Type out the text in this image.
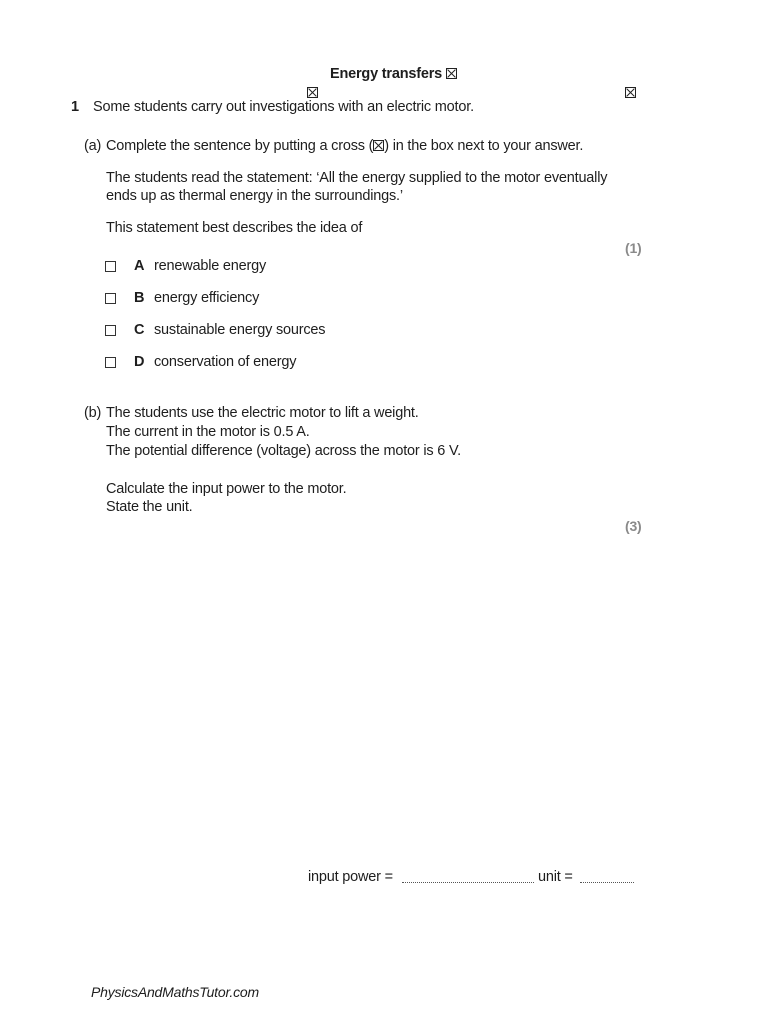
Energy transfers
1 Some students carry out investigations with an electric motor.
(a) Complete the sentence by putting a cross (☒) in the box next to your answer.
The students read the statement: ‘All the energy supplied to the motor eventually
ends up as thermal energy in the surroundings.’
This statement best describes the idea of
(1)
A renewable energy
B energy efficiency
C sustainable energy sources
D conservation of energy
(b) The students use the electric motor to lift a weight.
The current in the motor is 0.5 A.
The potential difference (voltage) across the motor is 6 V.
Calculate the input power to the motor.
State the unit.
(3)
input power =	unit =
PhysicsAndMathsTutor.com
